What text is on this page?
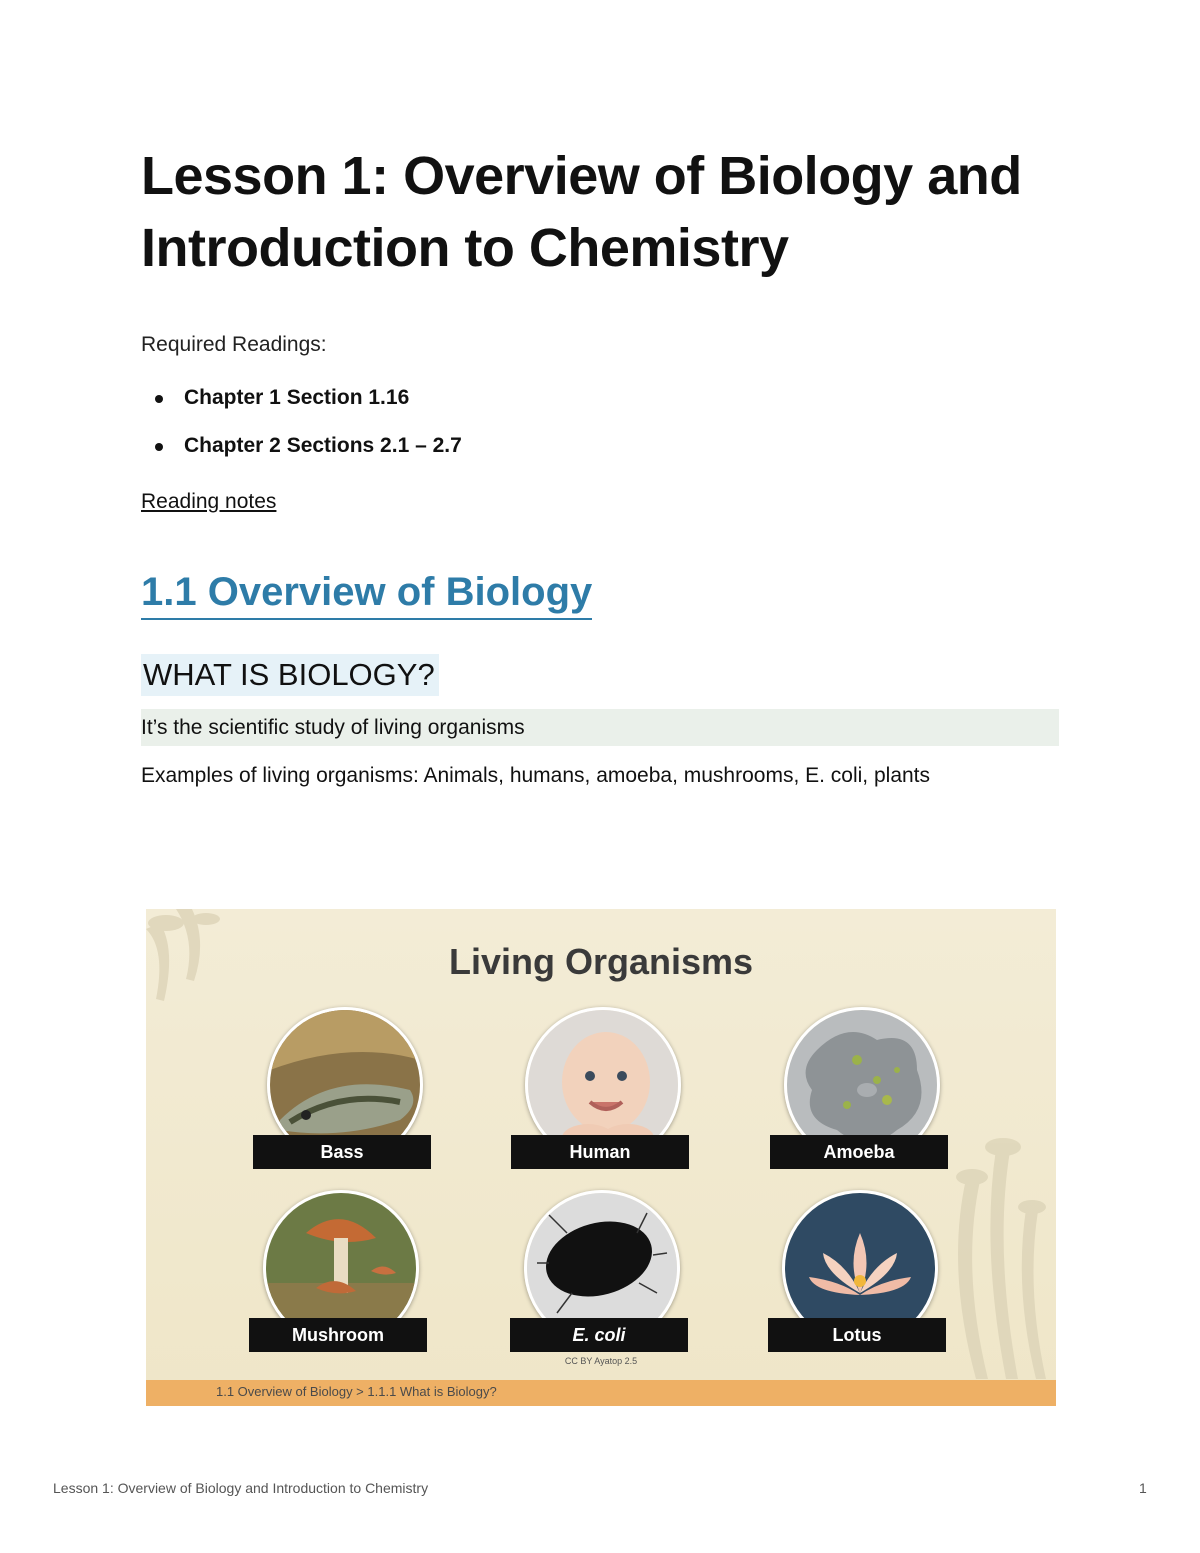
Lesson 1: Overview of Biology and Introduction to Chemistry
Required Readings:
Chapter 1 Section 1.16
Chapter 2 Sections 2.1 – 2.7
Reading notes
1.1 Overview of Biology
WHAT IS BIOLOGY?
It’s the scientific study of living organisms
Examples of living organisms: Animals, humans, amoeba, mushrooms, E. coli, plants
Living Organisms
Bass	Human	Amoeba
Mushroom	E. coli	Lotus
CC BY Ayatop 2.5
1.1 Overview of Biology > 1.1.1 What is Biology?
Lesson 1: Overview of Biology and Introduction to Chemistry	1
